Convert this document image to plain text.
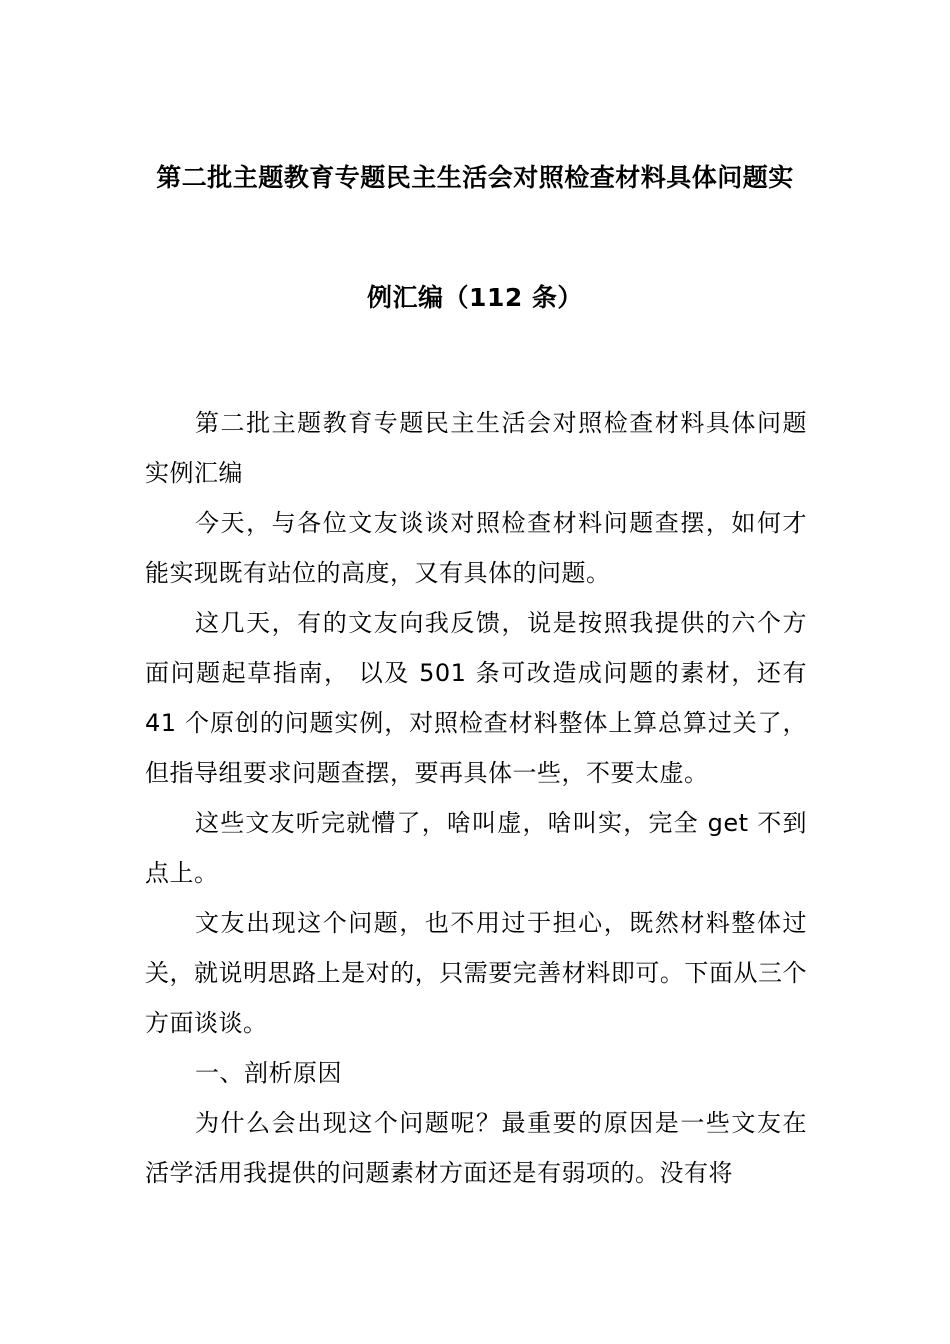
第二批主题教育专题民主生活会对照检查材料具体问题实
例汇编（112 条）

第二批主题教育专题民主生活会对照检查材料具体问题实例汇编

今天，与各位文友谈谈对照检查材料问题查摆，如何才能实现既有站位的高度，又有具体的问题。

这几天，有的文友向我反馈，说是按照我提供的六个方面问题起草指南， 以及 501 条可改造成问题的素材，还有 41 个原创的问题实例，对照检查材料整体上算总算过关了，但指导组要求问题查摆，要再具体一些，不要太虚。

这些文友听完就懵了，啥叫虚，啥叫实，完全 get 不到点上。

文友出现这个问题，也不用过于担心，既然材料整体过关，就说明思路上是对的，只需要完善材料即可。下面从三个方面谈谈。

一、剖析原因

为什么会出现这个问题呢？最重要的原因是一些文友在活学活用我提供的问题素材方面还是有弱项的。没有将
